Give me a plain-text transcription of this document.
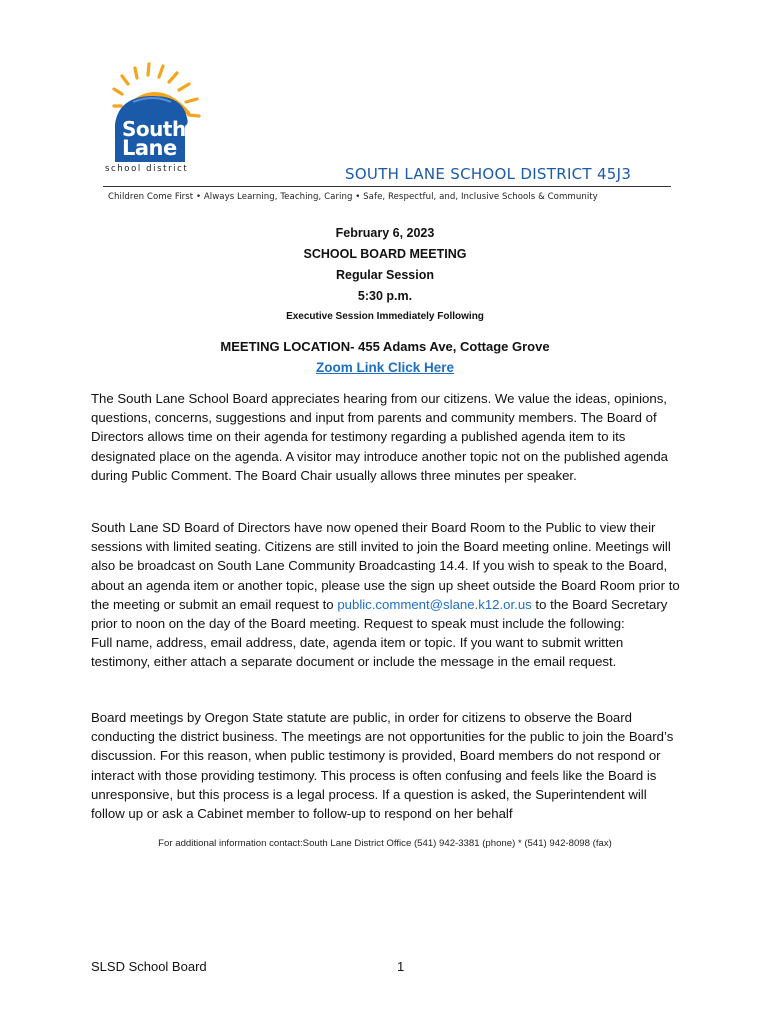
South
Lane
school district	SOUTH LANE SCHOOL DISTRICT 45J3
Children Come First • Always Learning, Teaching, Caring • Safe, Respectful, and, Inclusive Schools & Community
February 6, 2023
SCHOOL BOARD MEETING
Regular Session
5:30 p.m.
Executive Session Immediately Following
MEETING LOCATION- 455 Adams Ave, Cottage Grove
Zoom Link Click Here
The South Lane School Board appreciates hearing from our citizens. We value the ideas, opinions, questions, concerns, suggestions and input from parents and community members. The Board of Directors allows time on their agenda for testimony regarding a published agenda item to its designated place on the agenda. A visitor may introduce another topic not on the published agenda during Public Comment. The Board Chair usually allows three minutes per speaker.
South Lane SD Board of Directors have now opened their Board Room to the Public to view their sessions with limited seating. Citizens are still invited to join the Board meeting online. Meetings will also be broadcast on South Lane Community Broadcasting 14.4. If you wish to speak to the Board, about an agenda item or another topic, please use the sign up sheet outside the Board Room prior to the meeting or submit an email request to public.comment@slane.k12.or.us to the Board Secretary prior to noon on the day of the Board meeting. Request to speak must include the following:
Full name, address, email address, date, agenda item or topic. If you want to submit written testimony, either attach a separate document or include the message in the email request.
Board meetings by Oregon State statute are public, in order for citizens to observe the Board conducting the district business. The meetings are not opportunities for the public to join the Board’s discussion. For this reason, when public testimony is provided, Board members do not respond or interact with those providing testimony. This process is often confusing and feels like the Board is unresponsive, but this process is a legal process. If a question is asked, the Superintendent will follow up or ask a Cabinet member to follow-up to respond on her behalf
For additional information contact:South Lane District Office (541) 942-3381 (phone) * (541) 942-8098 (fax)
SLSD School Board	1
